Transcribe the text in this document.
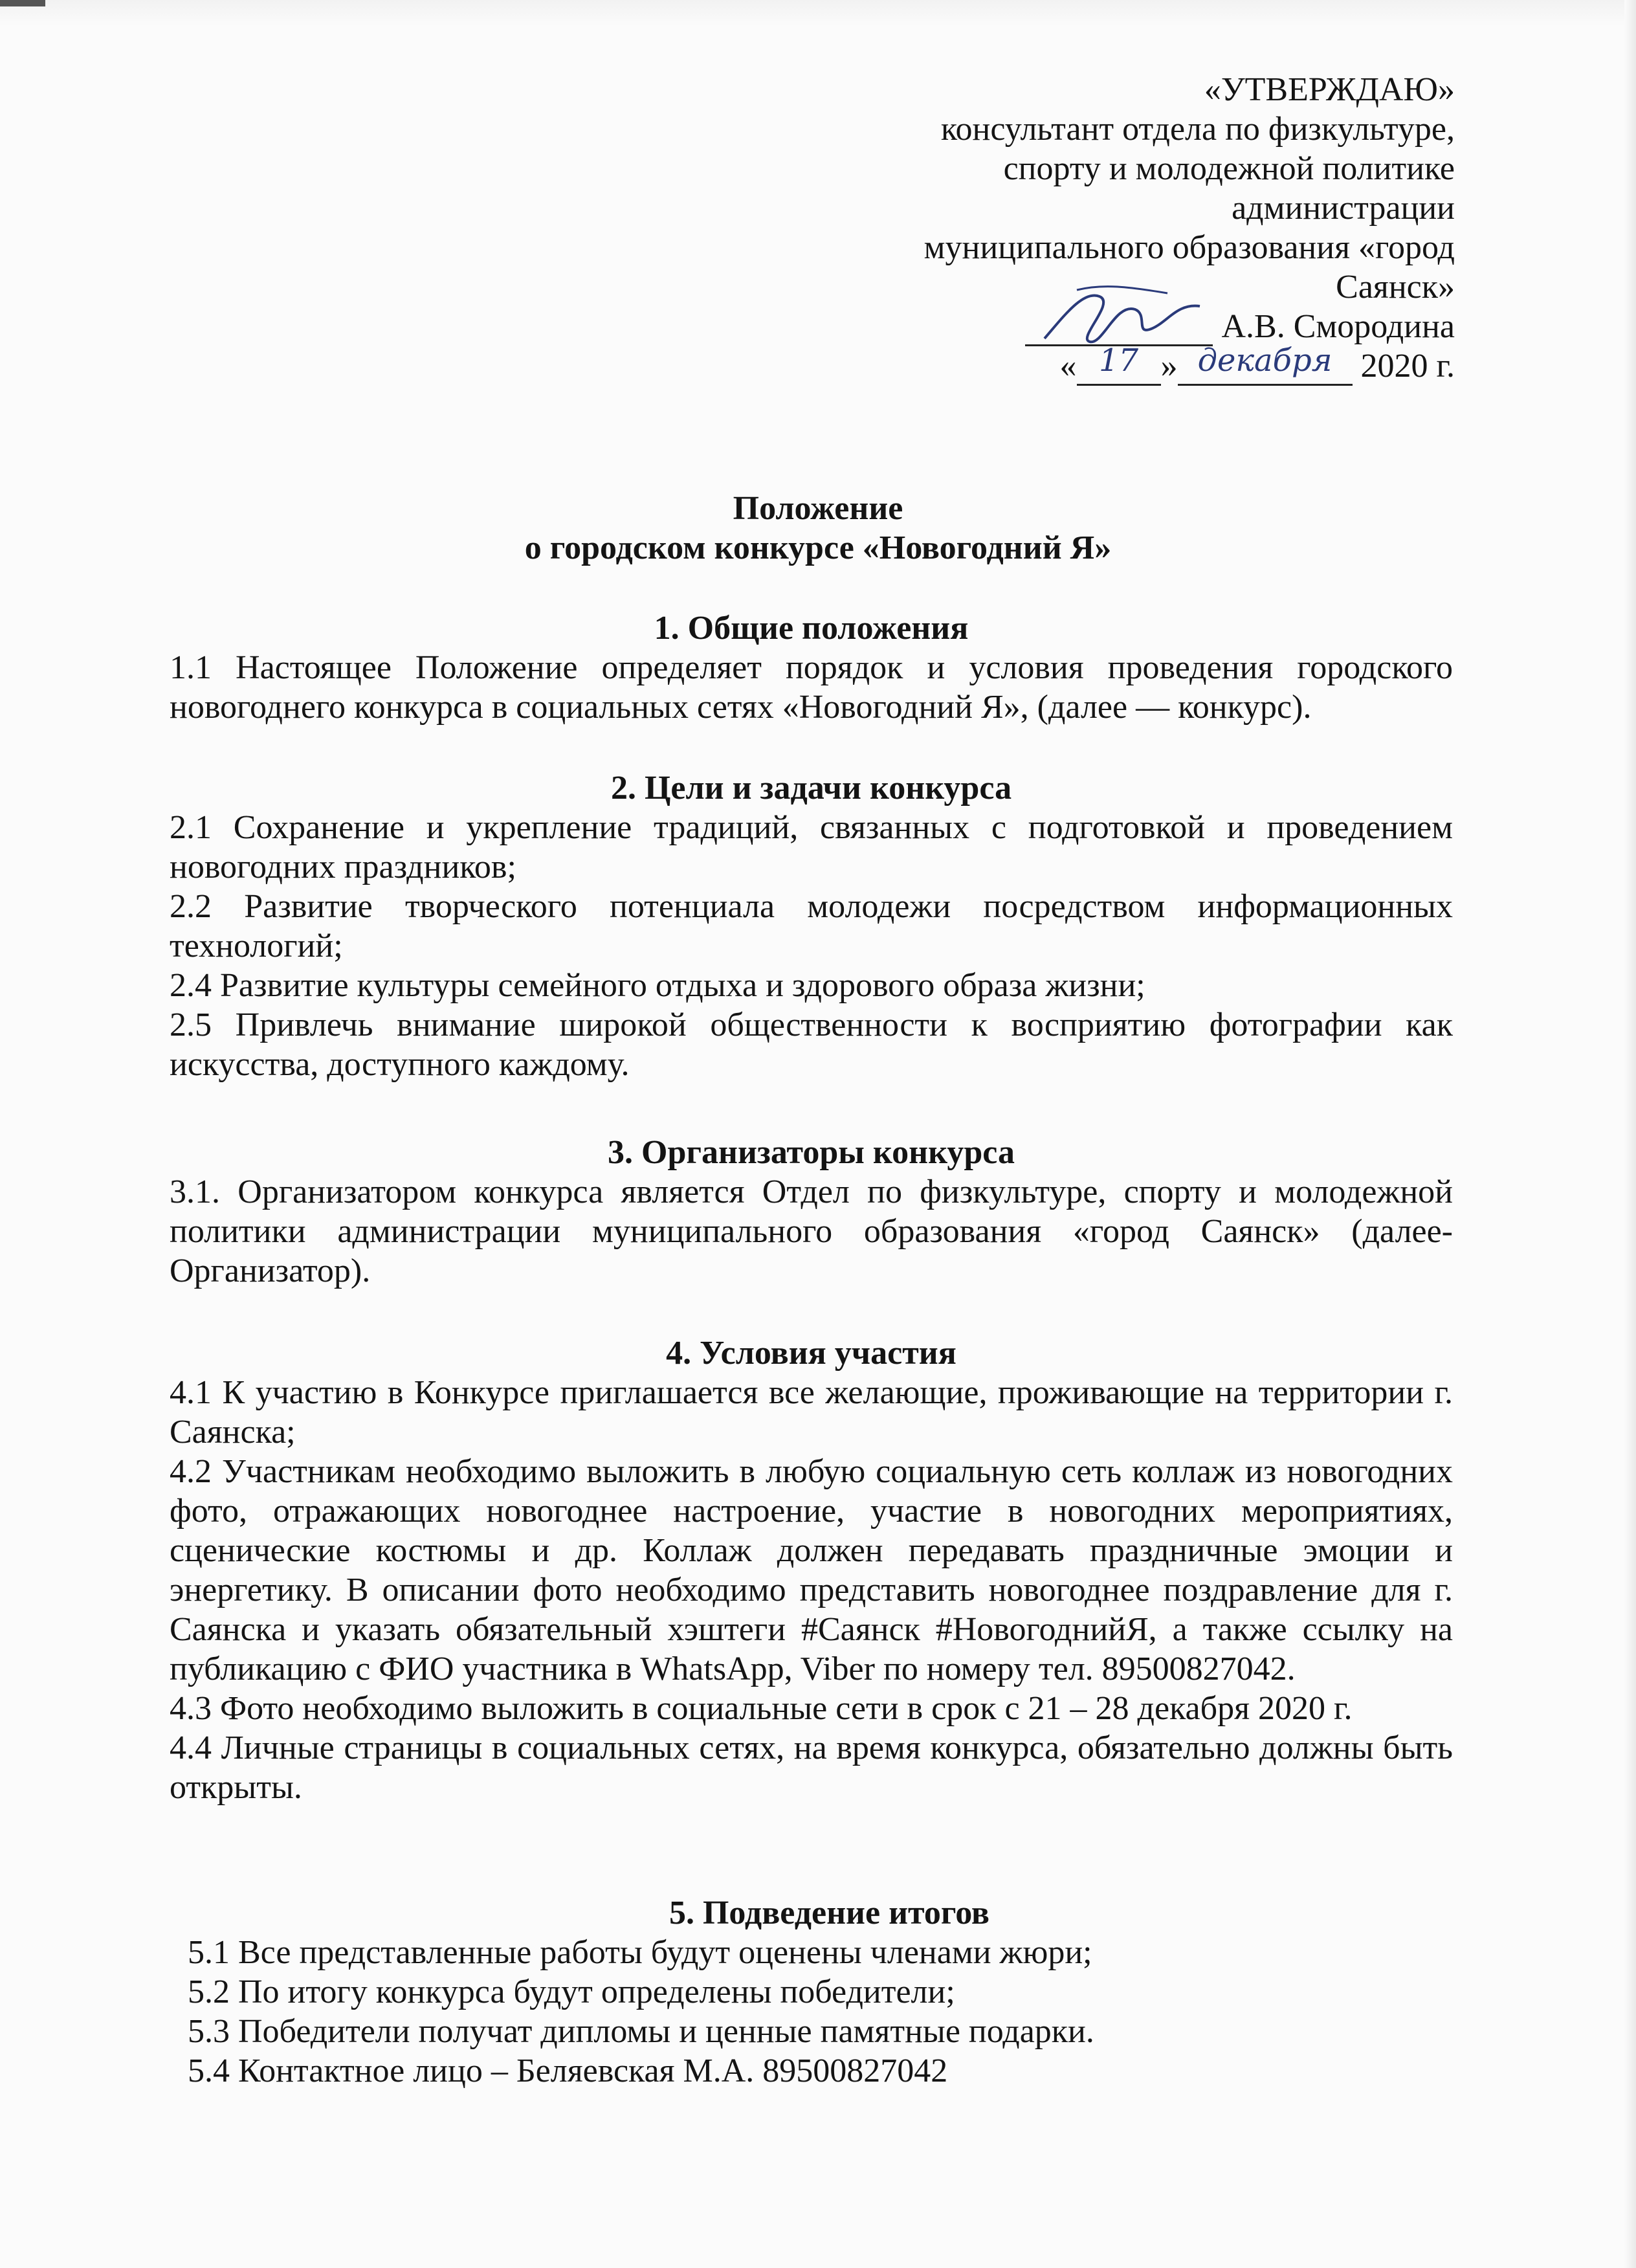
«УТВЕРЖДАЮ»
консультант отдела по физкультуре,
спорту и молодежной политике
администрации
муниципального образования «город
Саянск»
А.В. Смородина
« 17 » декабря 2020 г.
Положение
о городском конкурсе «Новогодний Я»
1. Общие положения

1.1 Настоящее Положение определяет порядок и условия проведения городского новогоднего конкурса в социальных сетях «Новогодний Я», (далее — конкурс).

2. Цели и задачи конкурса

2.1 Сохранение и укрепление традиций, связанных с подготовкой и проведением новогодних праздников;

2.2 Развитие творческого потенциала молодежи посредством информационных технологий;

2.4 Развитие культуры семейного отдыха и здорового образа жизни;

2.5 Привлечь внимание широкой общественности к восприятию фотографии как искусства, доступного каждому.

3. Организаторы конкурса

3.1. Организатором конкурса является Отдел по физкультуре, спорту и молодежной политики администрации муниципального образования «город Саянск» (далее-Организатор).

4. Условия участия

4.1 К участию в Конкурсе приглашается все желающие, проживающие на территории г. Саянска;

4.2 Участникам необходимо выложить в любую социальную сеть коллаж из новогодних фото, отражающих новогоднее настроение, участие в новогодних мероприятиях, сценические костюмы и др. Коллаж должен передавать праздничные эмоции и энергетику. В описании фото необходимо представить новогоднее поздравление для г. Саянска и указать обязательный хэштеги #Саянск #НовогоднийЯ, а также ссылку на публикацию с ФИО участника в WhatsApp, Viber по номеру тел. 89500827042.

4.3 Фото необходимо выложить в социальные сети в срок с 21 – 28 декабря 2020 г.

4.4 Личные страницы в социальных сетях, на время конкурса, обязательно должны быть открыты.

5. Подведение итогов

5.1 Все представленные работы будут оценены членами жюри;

5.2 По итогу конкурса будут определены победители;

5.3 Победители получат дипломы и ценные памятные подарки.

5.4 Контактное лицо – Беляевская М.А. 89500827042
